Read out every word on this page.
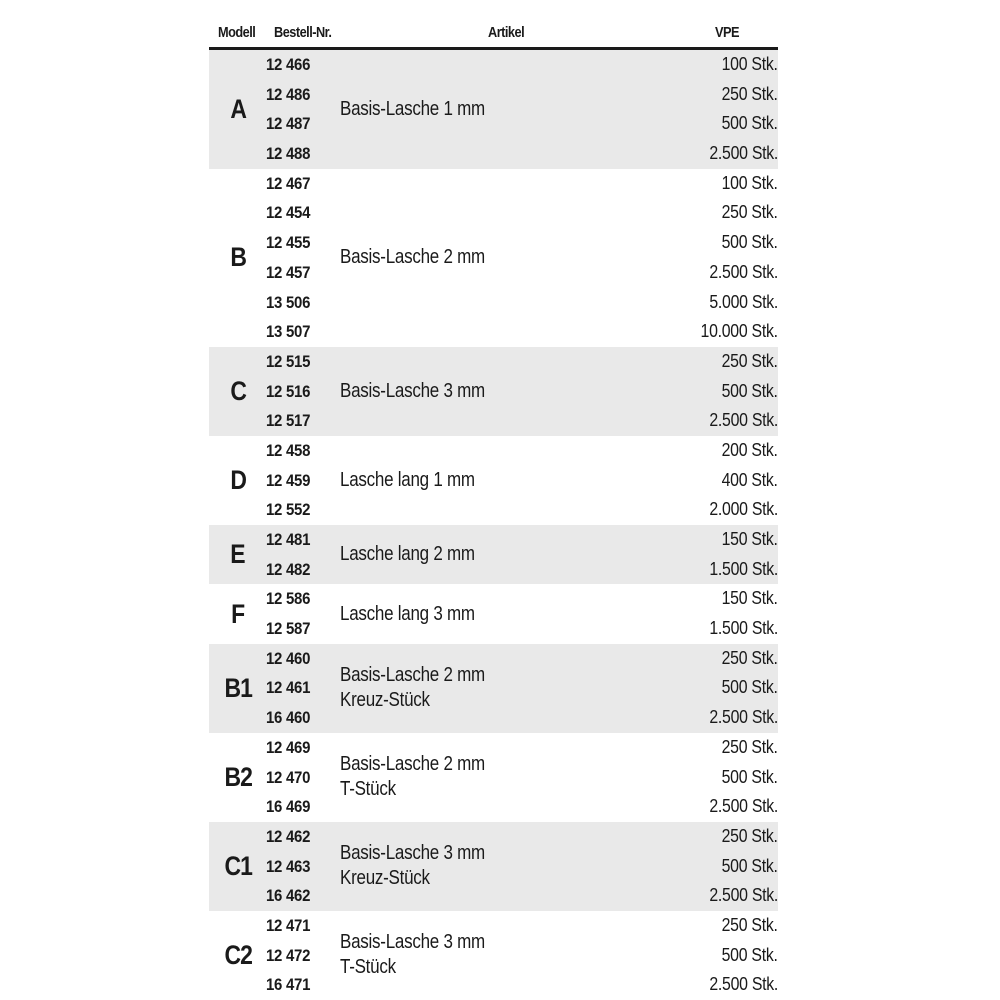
Modell Bestell-Nr.	Artikel	VPE
A	Basis-Lasche 1 mm
12 466	100 Stk.
12 486	250 Stk.
12 487	500 Stk.
12 488	2.500 Stk.
B	Basis-Lasche 2 mm
12 467	100 Stk.
12 454	250 Stk.
12 455	500 Stk.
12 457	2.500 Stk.
13 506	5.000 Stk.
13 507	10.000 Stk.
C	Basis-Lasche 3 mm
12 515	250 Stk.
12 516	500 Stk.
12 517	2.500 Stk.
D	Lasche lang 1 mm
12 458	200 Stk.
12 459	400 Stk.
12 552	2.000 Stk.
E	Lasche lang 2 mm
12 481	150 Stk.
12 482	1.500 Stk.
F	Lasche lang 3 mm
12 586	150 Stk.
12 587	1.500 Stk.
B1	Basis-Lasche 2 mm
Kreuz-Stück
12 460	250 Stk.
12 461	500 Stk.
16 460	2.500 Stk.
B2	Basis-Lasche 2 mm
T-Stück
12 469	250 Stk.
12 470	500 Stk.
16 469	2.500 Stk.
C1	Basis-Lasche 3 mm
Kreuz-Stück
12 462	250 Stk.
12 463	500 Stk.
16 462	2.500 Stk.
C2	Basis-Lasche 3 mm
T-Stück
12 471	250 Stk.
12 472	500 Stk.
16 471	2.500 Stk.
